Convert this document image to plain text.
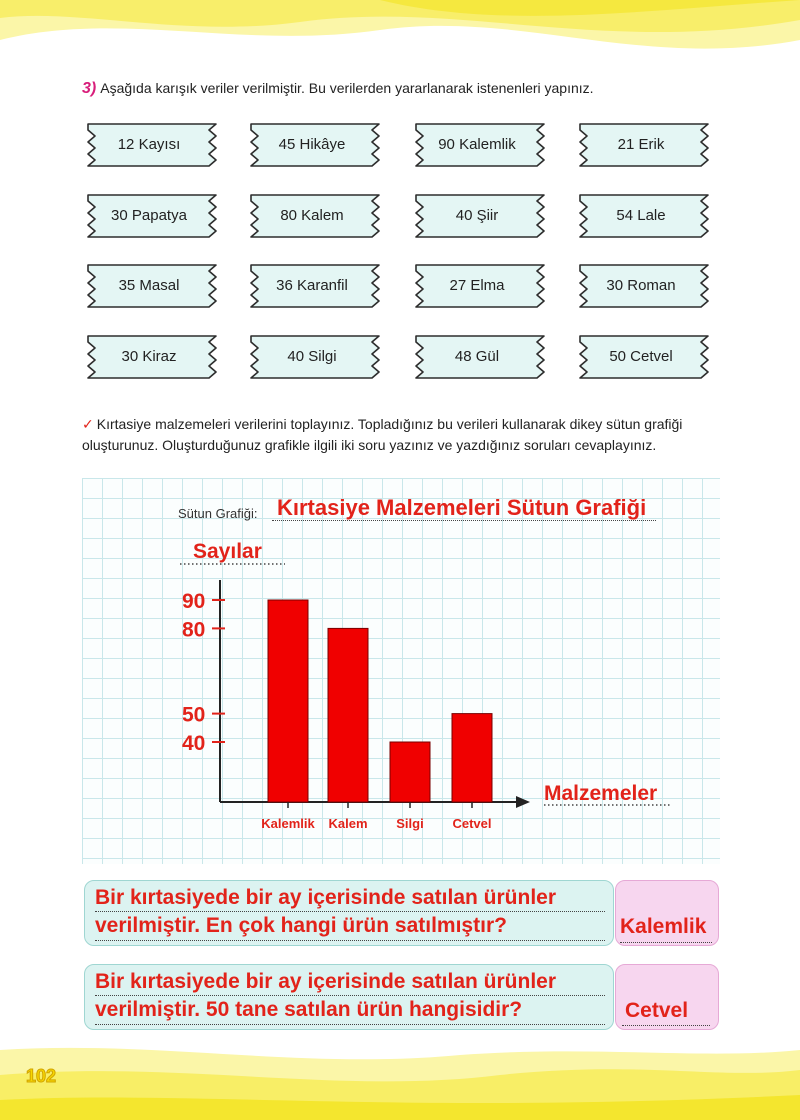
3) Aşağıda karışık veriler verilmiştir. Bu verilerden yararlanarak istenenleri yapınız.
12 Kayısı	45 Hikâye	90 Kalemlik	21 Erik
30 Papatya	80 Kalem	40 Şiir	54 Lale
35 Masal	36 Karanfil	27 Elma	30 Roman
30 Kiraz	40 Silgi	48 Gül	50 Cetvel
✓ Kırtasiye malzemeleri verilerini toplayınız. Topladığınız bu verileri kullanarak dikey sütun grafiği oluşturunuz. Oluşturduğunuz grafikle ilgili iki soru yazınız ve yazdığınız soruları cevaplayınız.
Sütun Grafiği: Kırtasiye Malzemeleri Sütun Grafiği
Sayılar
Malzemeler
40
50
80
90
Kalemlik Kalem Silgi Cetvel
Bir kırtasiyede bir ay içerisinde satılan ürünler
verilmiştir. En çok hangi ürün satılmıştır?	Kalemlik
Bir kırtasiyede bir ay içerisinde satılan ürünler
verilmiştir. 50 tane satılan ürün hangisidir?	Cetvel
102
